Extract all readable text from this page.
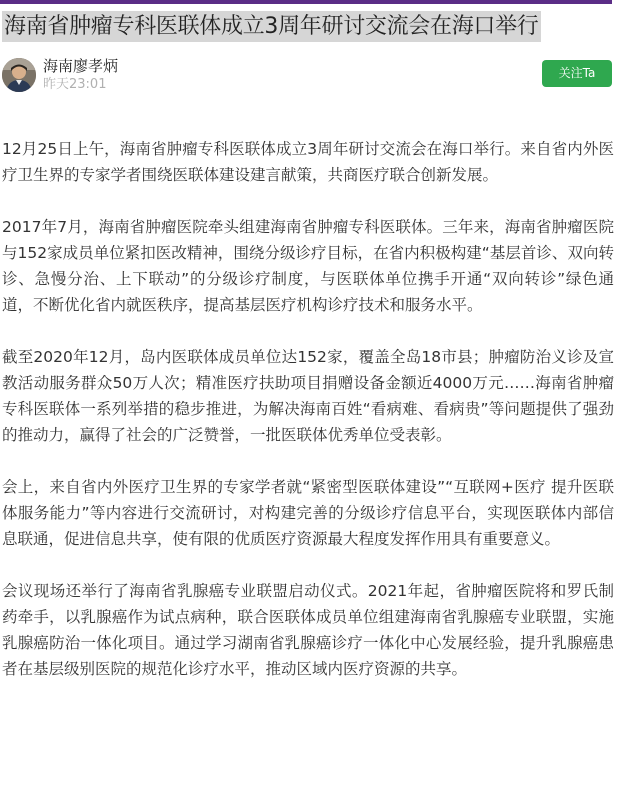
海南省肿瘤专科医联体成立3周年研讨交流会在海口举行
海南廖孝炳
昨天23:01
关注Ta

12月25日上午，海南省肿瘤专科医联体成立3周年研讨交流会在海口举行。来自省内外医疗卫生界的专家学者围绕医联体建设建言献策，共商医疗联合创新发展。

2017年7月，海南省肿瘤医院牵头组建海南省肿瘤专科医联体。三年来，海南省肿瘤医院与152家成员单位紧扣医改精神，围绕分级诊疗目标，在省内积极构建“基层首诊、双向转诊、急慢分治、上下联动”的分级诊疗制度，与医联体单位携手开通“双向转诊”绿色通道，不断优化省内就医秩序，提高基层医疗机构诊疗技术和服务水平。

截至2020年12月，岛内医联体成员单位达152家，覆盖全岛18市县；肿瘤防治义诊及宣教活动服务群众50万人次；精准医疗扶助项目捐赠设备金额近4000万元……海南省肿瘤专科医联体一系列举措的稳步推进，为解决海南百姓“看病难、看病贵”等问题提供了强劲的推动力，赢得了社会的广泛赞誉，一批医联体优秀单位受表彰。

会上，来自省内外医疗卫生界的专家学者就“紧密型医联体建设”“互联网+医疗 提升医联体服务能力”等内容进行交流研讨，对构建完善的分级诊疗信息平台，实现医联体内部信息联通，促进信息共享，使有限的优质医疗资源最大程度发挥作用具有重要意义。

会议现场还举行了海南省乳腺癌专业联盟启动仪式。2021年起，省肿瘤医院将和罗氏制药牵手，以乳腺癌作为试点病种，联合医联体成员单位组建海南省乳腺癌专业联盟，实施乳腺癌防治一体化项目。通过学习湖南省乳腺癌诊疗一体化中心发展经验，提升乳腺癌患者在基层级别医院的规范化诊疗水平，推动区域内医疗资源的共享。
